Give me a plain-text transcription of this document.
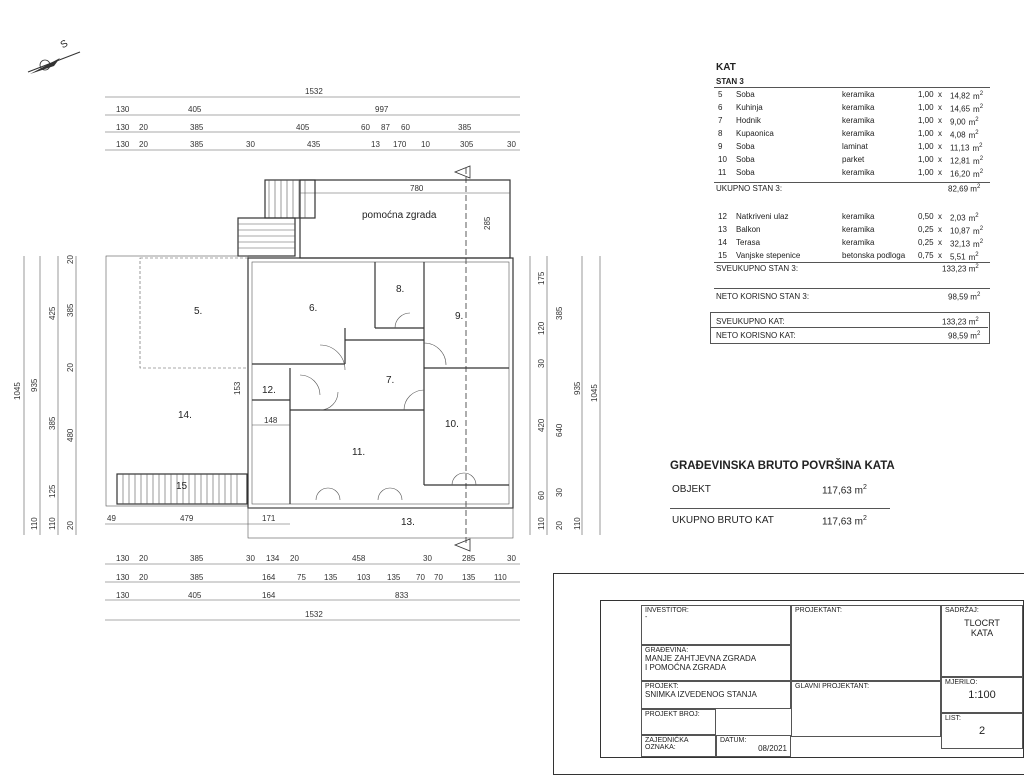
S
1532
130	405	997
130 20	385	405	60 87 60	385
130 20	385	30	435	13 170 10	305	30
780
285
pomoćna zgrada
5.	6.
8.
9.
7.
12.
10.
11.
14.
13.
15
153
148
49	479	171
1045 935
425
385
125
110
110
385
480
20
20
20
175
120
30
420
60
110
385
640
20
30
935
110
1045
130 20	385	30 134 20	458	30	285	30
130 20	385	164	75 135 103 135 70 70 135 110
130	405	164	833
1532
KAT
STAN 3
5 Soba	keramika	1,00 x 14,82 $m^2$
6 Kuhinja	keramika	1,00 x 14,65 $m^2$
7 Hodnik	keramika	1,00 x 9,00 $m^2$
8 Kupaonica	keramika	1,00 x 4,08 $m^2$
9 Soba	laminat	1,00 x 11,13 $m^2$
10 Soba	parket	1,00 x 12,81 $m^2$
11 Soba	keramika	1,00 x 16,20 $m^2$
UKUPNO STAN 3:	82,69 $m^2$
12 Natkriveni ulaz	keramika	0,50 x 2,03 $m^2$
13 Balkon	keramika	0,25 x 10,87 $m^2$
14 Terasa	keramika	0,25 x 32,13 $m^2$
15 Vanjske stepenice	betonska podloga 0,75 x 5,51 $m^2$
SVEUKUPNO STAN 3:	133,23 $m^2$
NETO KORISNO STAN 3:	98,59 $m^2$
SVEUKUPNO KAT:	133,23 $m^2$
NETO KORISNO KAT:	98,59 $m^2$
GRAĐEVINSKA BRUTO POVRŠINA KATA
OBJEKT	117,63 $m^2$
UKUPNO BRUTO KAT	117,63 $m^2$
INVESTITOR:
-
PROJEKTANT:	SADRŽAJ:
TLOCRT
KATA
GRAĐEVINA:
MANJE ZAHTJEVNA ZGRADA
I POMOĆNA ZGRADA
PROJEKT:
SNIMKA IZVEDENOG STANJA
GLAVNI PROJEKTANT:
MJERILO:
1:100
PROJEKT BROJ:
LIST:
2
ZAJEDNIČKA OZNAKA:
DATUM:
08/2021
